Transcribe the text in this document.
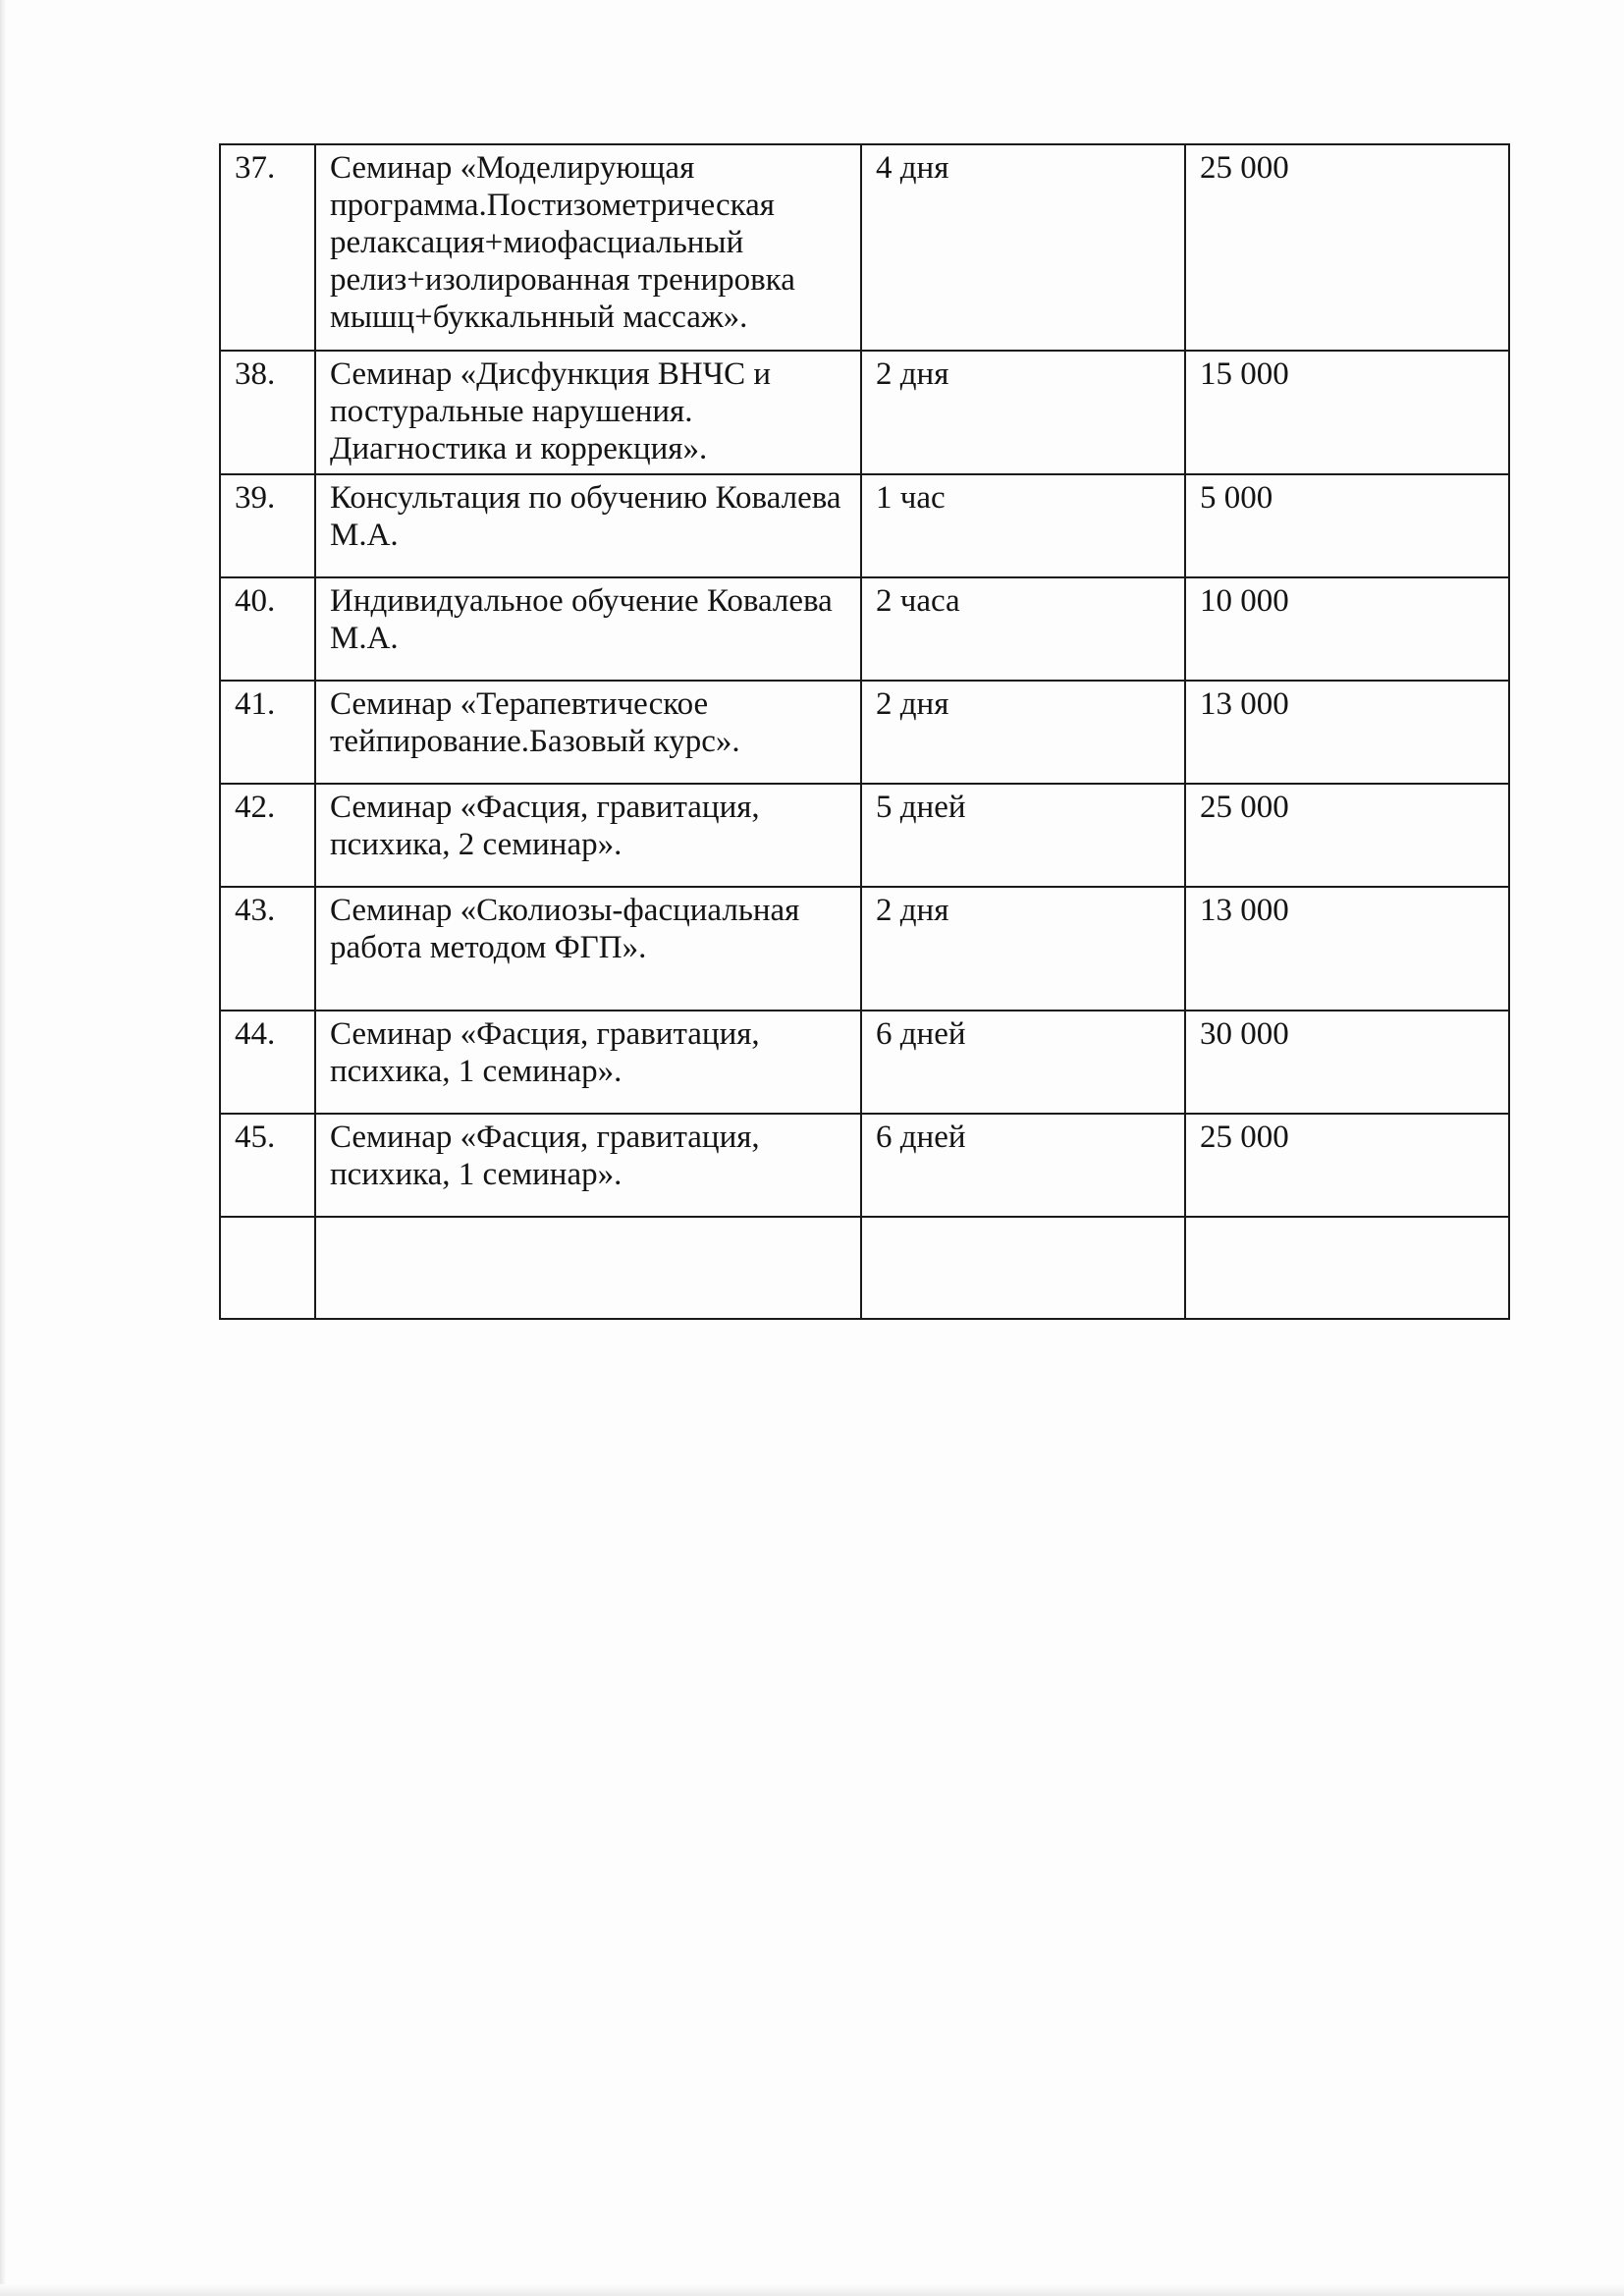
37.	Семинар «Моделирующая программа.Постизометрическая релаксация+миофасциальный релиз+изолированная тренировка мышц+буккальнный массаж».	4 дня	25 000
38.	Семинар «Дисфункция ВНЧС и постуральные нарушения. Диагностика и коррекция».	2 дня	15 000
39.	Консультация по обучению Ковалева М.А.	1 час	5 000
40.	Индивидуальное обучение Ковалева М.А.	2 часа	10 000
41.	Семинар «Терапевтическое тейпирование.Базовый курс».	2 дня	13 000
42.	Семинар «Фасция, гравитация, психика, 2 семинар».	5 дней	25 000
43.	Семинар «Сколиозы-фасциальная работа методом ФГП».	2 дня	13 000
44.	Семинар «Фасция, гравитация, психика, 1 семинар».	6 дней	30 000
45.	Семинар «Фасция, гравитация, психика, 1 семинар».	6 дней	25 000
